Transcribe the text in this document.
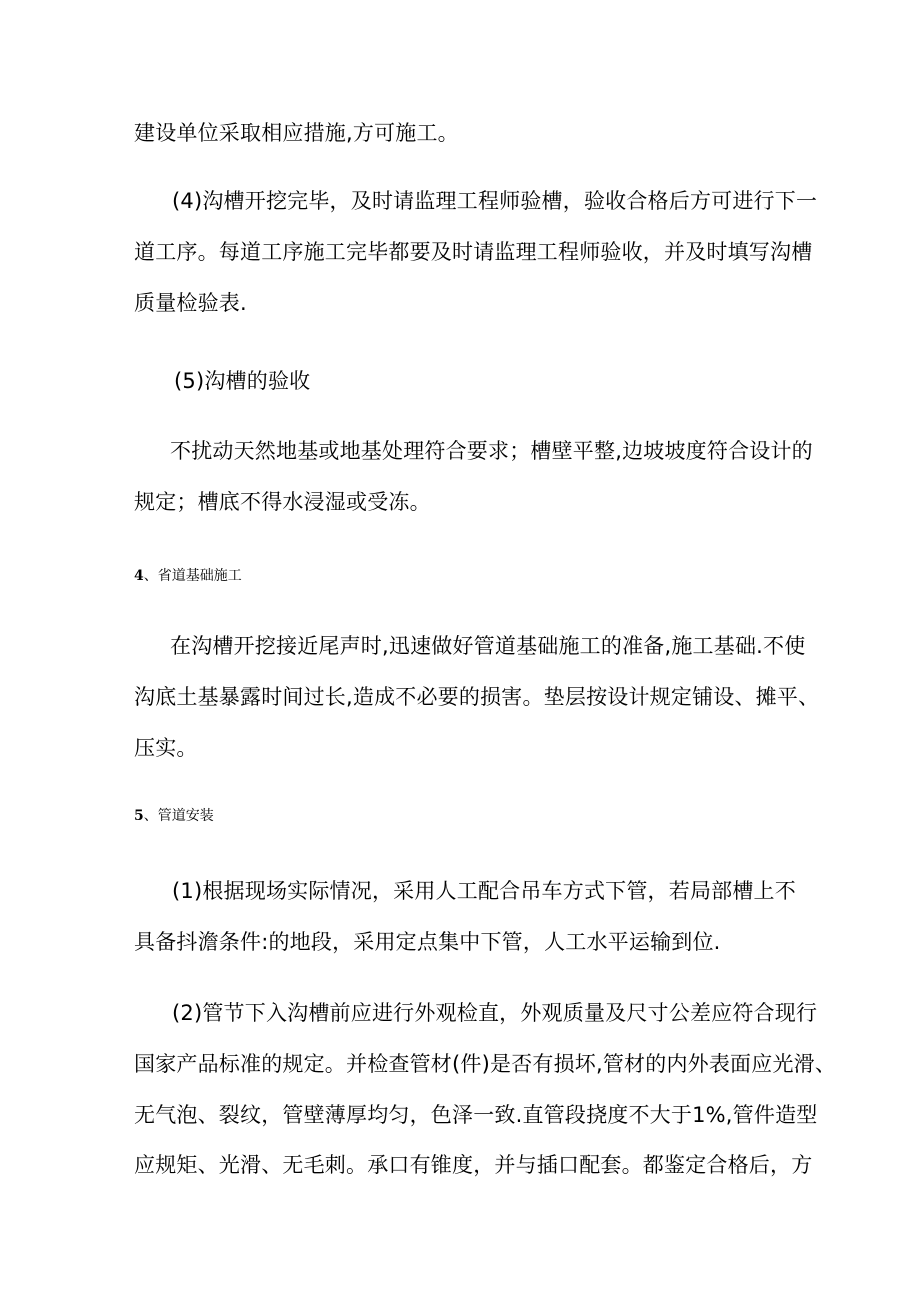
建设单位采取相应措施,方可施工。
(4)沟槽开挖完毕，及时请监理工程师验槽，验收合格后方可进行下一
道工序。每道工序施工完毕都要及时请监理工程师验收，并及时填写沟槽
质量检验表.
(5)沟槽的验收
不扰动天然地基或地基处理符合要求；槽壁平整,边坡坡度符合设计的
规定；槽底不得水浸湿或受冻。
4、省道基础施工
在沟槽开挖接近尾声时,迅速做好管道基础施工的准备,施工基础.不使
沟底土基暴露时间过长,造成不必要的损害。垫层按设计规定铺设、摊平、
压实。
5、管道安装
(1)根据现场实际情况，采用人工配合吊车方式下管，若局部槽上不
具备抖澹条件:的地段，采用定点集中下管，人工水平运输到位.
(2)管节下入沟槽前应进行外观检直，外观质量及尺寸公差应符合现行
国家产品标准的规定。并检查管材(件)是否有损坏,管材的内外表面应光滑、
无气泡、裂纹，管壁薄厚均匀，色泽一致.直管段挠度不大于1%,管件造型
应规矩、光滑、无毛刺。承口有锥度，并与插口配套。都鉴定合格后，方
